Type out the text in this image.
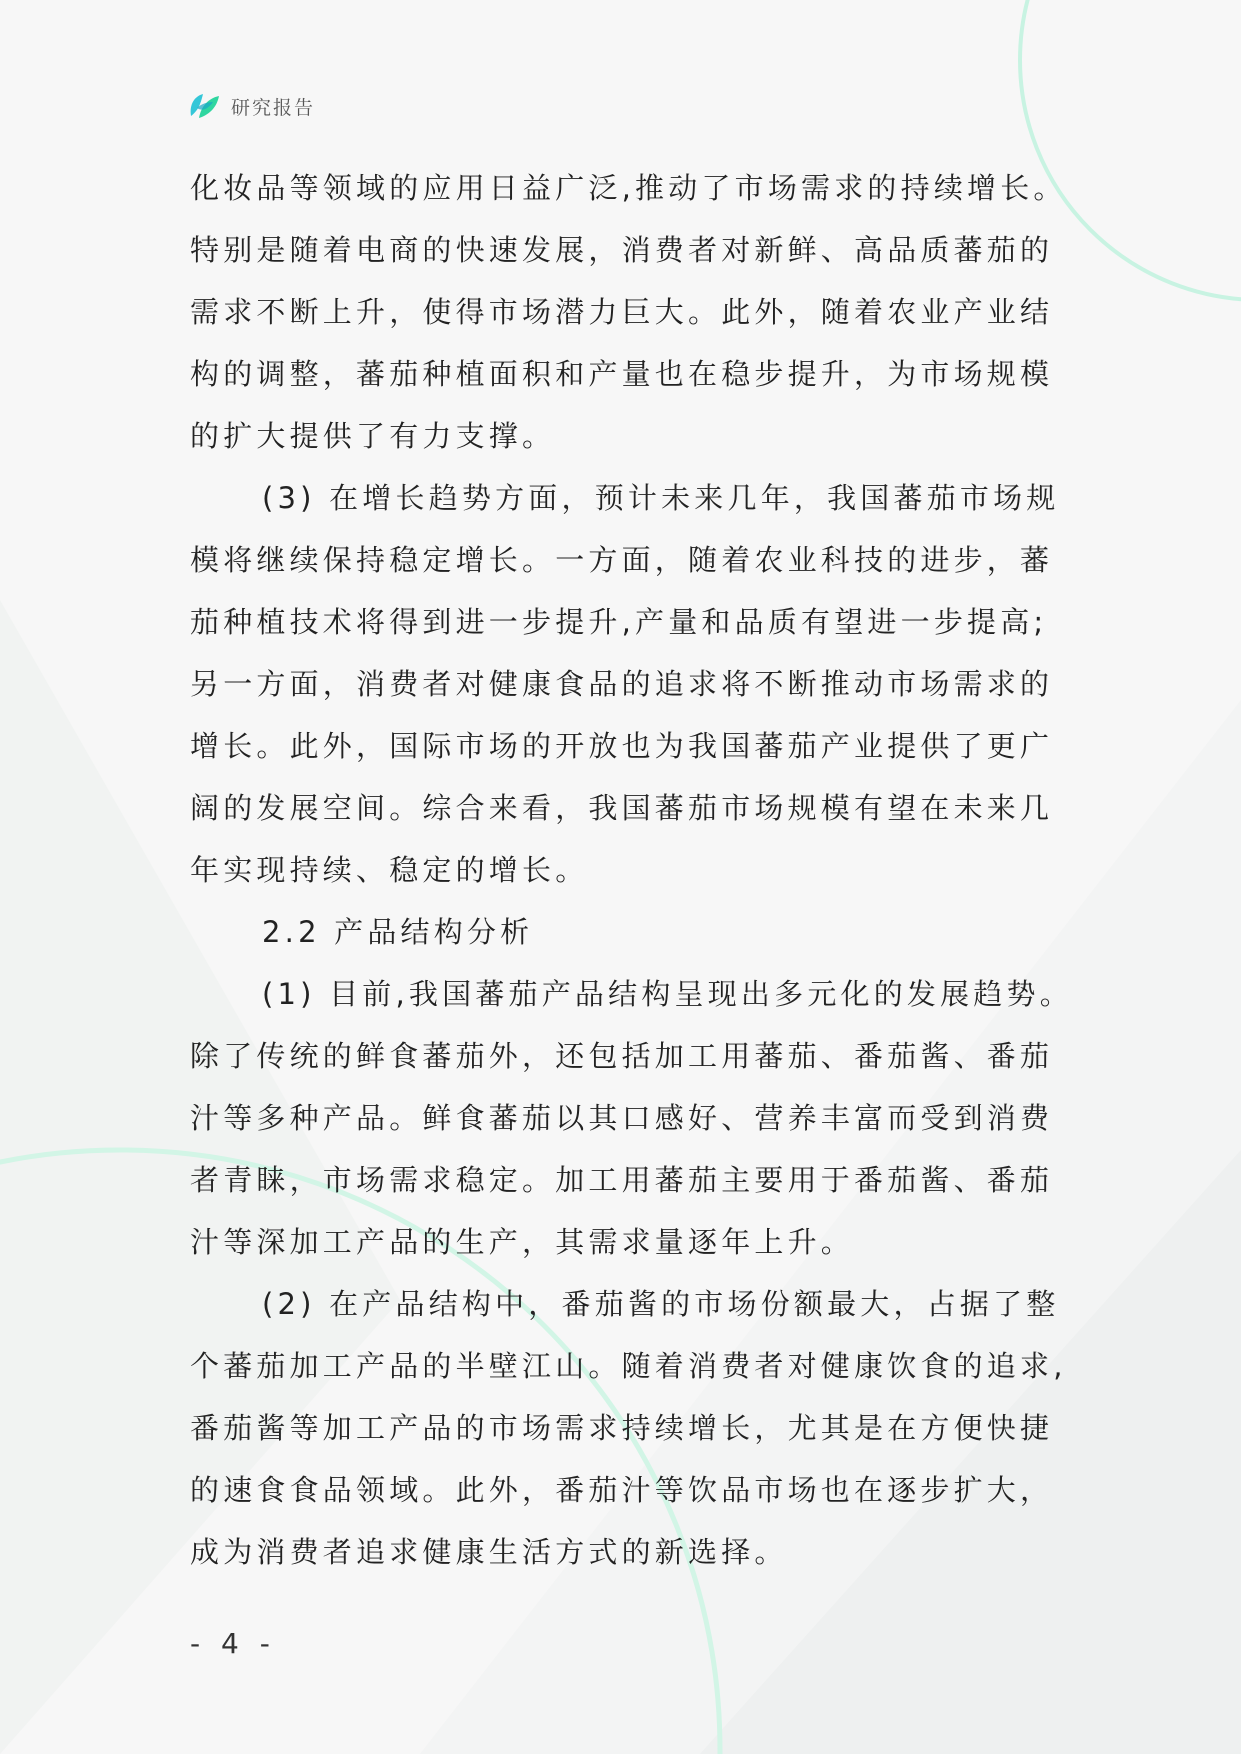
研究报告
化妆品等领域的应用日益广泛,推动了市场需求的持续增长。
特别是随着电商的快速发展，消费者对新鲜、高品质蕃茄的
需求不断上升，使得市场潜力巨大。此外，随着农业产业结
构的调整，蕃茄种植面积和产量也在稳步提升，为市场规模
的扩大提供了有力支撑。
(3) 在增长趋势方面，预计未来几年，我国蕃茄市场规
模将继续保持稳定增长。一方面，随着农业科技的进步，蕃
茄种植技术将得到进一步提升,产量和品质有望进一步提高;
另一方面，消费者对健康食品的追求将不断推动市场需求的
增长。此外，国际市场的开放也为我国蕃茄产业提供了更广
阔的发展空间。综合来看，我国蕃茄市场规模有望在未来几
年实现持续、稳定的增长。
2.2 产品结构分析
(1) 目前,我国蕃茄产品结构呈现出多元化的发展趋势。
除了传统的鲜食蕃茄外，还包括加工用蕃茄、番茄酱、番茄
汁等多种产品。鲜食蕃茄以其口感好、营养丰富而受到消费
者青睐，市场需求稳定。加工用蕃茄主要用于番茄酱、番茄
汁等深加工产品的生产，其需求量逐年上升。
(2) 在产品结构中，番茄酱的市场份额最大，占据了整
个蕃茄加工产品的半壁江山。随着消费者对健康饮食的追求,
番茄酱等加工产品的市场需求持续增长，尤其是在方便快捷
的速食食品领域。此外，番茄汁等饮品市场也在逐步扩大，
成为消费者追求健康生活方式的新选择。
- 4 -
